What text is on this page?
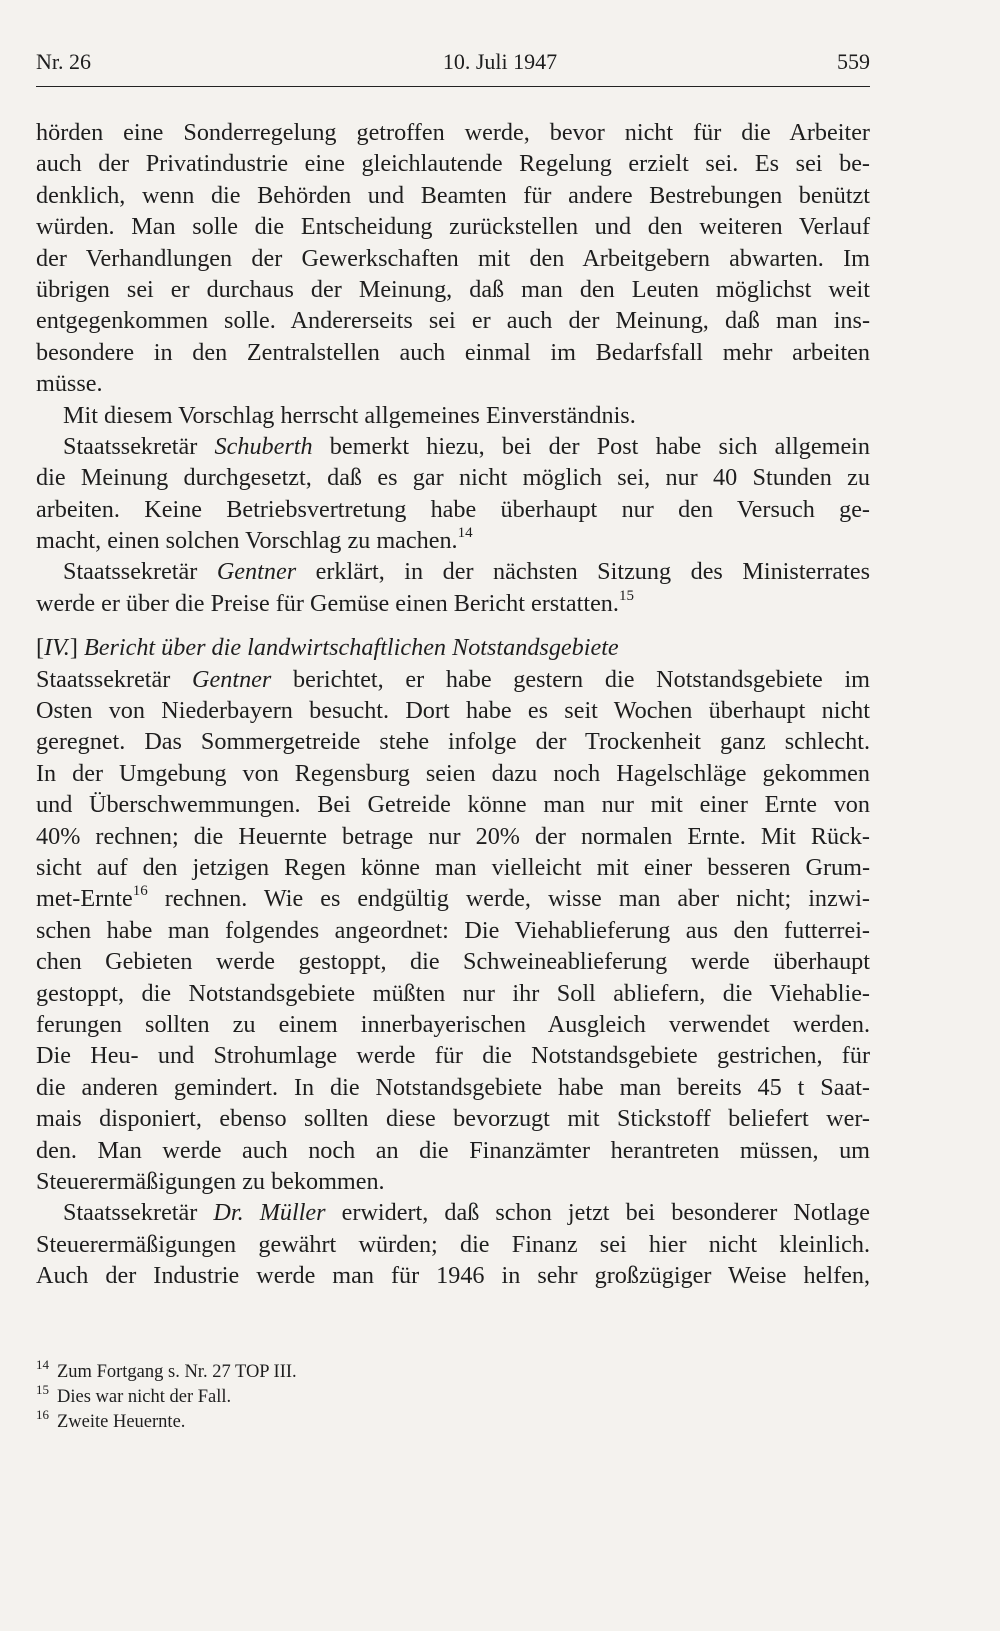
Nr. 26	10. Juli 1947	559
hörden eine Sonderregelung getroffen werde, bevor nicht für die Arbeiter
auch der Privatindustrie eine gleichlautende Regelung erzielt sei. Es sei be-
denklich, wenn die Behörden und Beamten für andere Bestrebungen benützt
würden. Man solle die Entscheidung zurückstellen und den weiteren Verlauf
der Verhandlungen der Gewerkschaften mit den Arbeitgebern abwarten. Im
übrigen sei er durchaus der Meinung, daß man den Leuten möglichst weit
entgegenkommen solle. Andererseits sei er auch der Meinung, daß man ins-
besondere in den Zentralstellen auch einmal im Bedarfsfall mehr arbeiten
müsse.
Mit diesem Vorschlag herrscht allgemeines Einverständnis.
Staatssekretär Schuberth bemerkt hiezu, bei der Post habe sich allgemein
die Meinung durchgesetzt, daß es gar nicht möglich sei, nur 40 Stunden zu
arbeiten. Keine Betriebsvertretung habe überhaupt nur den Versuch ge-
macht, einen solchen Vorschlag zu machen.$^{14}$
Staatssekretär Gentner erklärt, in der nächsten Sitzung des Ministerrates
werde er über die Preise für Gemüse einen Bericht erstatten.$^{15}$
[IV.] Bericht über die landwirtschaftlichen Notstandsgebiete
Staatssekretär Gentner berichtet, er habe gestern die Notstandsgebiete im
Osten von Niederbayern besucht. Dort habe es seit Wochen überhaupt nicht
geregnet. Das Sommergetreide stehe infolge der Trockenheit ganz schlecht.
In der Umgebung von Regensburg seien dazu noch Hagelschläge gekommen
und Überschwemmungen. Bei Getreide könne man nur mit einer Ernte von
40% rechnen; die Heuernte betrage nur 20% der normalen Ernte. Mit Rück-
sicht auf den jetzigen Regen könne man vielleicht mit einer besseren Grum-
met-Ernte$^{16}$ rechnen. Wie es endgültig werde, wisse man aber nicht; inzwi-
schen habe man folgendes angeordnet: Die Viehablieferung aus den futterrei-
chen Gebieten werde gestoppt, die Schweineablieferung werde überhaupt
gestoppt, die Notstandsgebiete müßten nur ihr Soll abliefern, die Viehablie-
ferungen sollten zu einem innerbayerischen Ausgleich verwendet werden.
Die Heu- und Strohumlage werde für die Notstandsgebiete gestrichen, für
die anderen gemindert. In die Notstandsgebiete habe man bereits 45 t Saat-
mais disponiert, ebenso sollten diese bevorzugt mit Stickstoff beliefert wer-
den. Man werde auch noch an die Finanzämter herantreten müssen, um
Steuerermäßigungen zu bekommen.
Staatssekretär Dr. Müller erwidert, daß schon jetzt bei besonderer Notlage
Steuerermäßigungen gewährt würden; die Finanz sei hier nicht kleinlich.
Auch der Industrie werde man für 1946 in sehr großzügiger Weise helfen,
$^{14}$ Zum Fortgang s. Nr. 27 TOP III.
$^{15}$ Dies war nicht der Fall.
$^{16}$ Zweite Heuernte.
